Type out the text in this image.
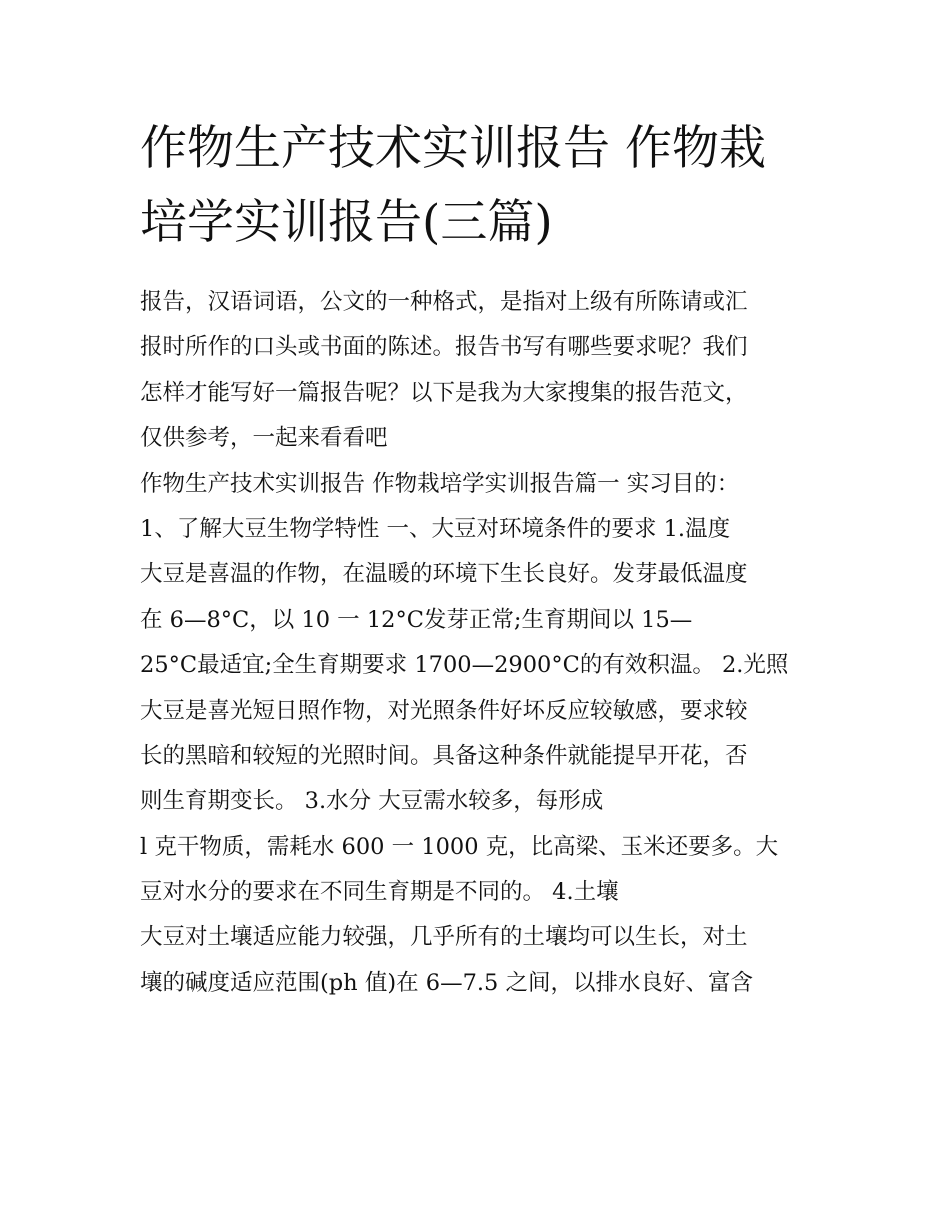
作物生产技术实训报告 作物栽
培学实训报告(三篇)
报告，汉语词语，公文的一种格式，是指对上级有所陈请或汇
报时所作的口头或书面的陈述。报告书写有哪些要求呢？我们
怎样才能写好一篇报告呢？以下是我为大家搜集的报告范文，
仅供参考，一起来看看吧
作物生产技术实训报告 作物栽培学实训报告篇一 实习目的：
1、了解大豆生物学特性 一、大豆对环境条件的要求 1.温度
大豆是喜温的作物，在温暖的环境下生长良好。发芽最低温度
在 6—8°C，以 10 一 12°C发芽正常;生育期间以 15—
25°C最适宜;全生育期要求 1700—2900°C的有效积温。 2.光照
大豆是喜光短日照作物，对光照条件好坏反应较敏感，要求较
长的黑暗和较短的光照时间。具备这种条件就能提早开花，否
则生育期变长。 3.水分 大豆需水较多，每形成
l 克干物质，需耗水 600 一 1000 克，比高梁、玉米还要多。大
豆对水分的要求在不同生育期是不同的。 4.土壤
大豆对土壤适应能力较强，几乎所有的土壤均可以生长，对土
壤的碱度适应范围(ph 值)在 6—7.5 之间，以排水良好、富含
